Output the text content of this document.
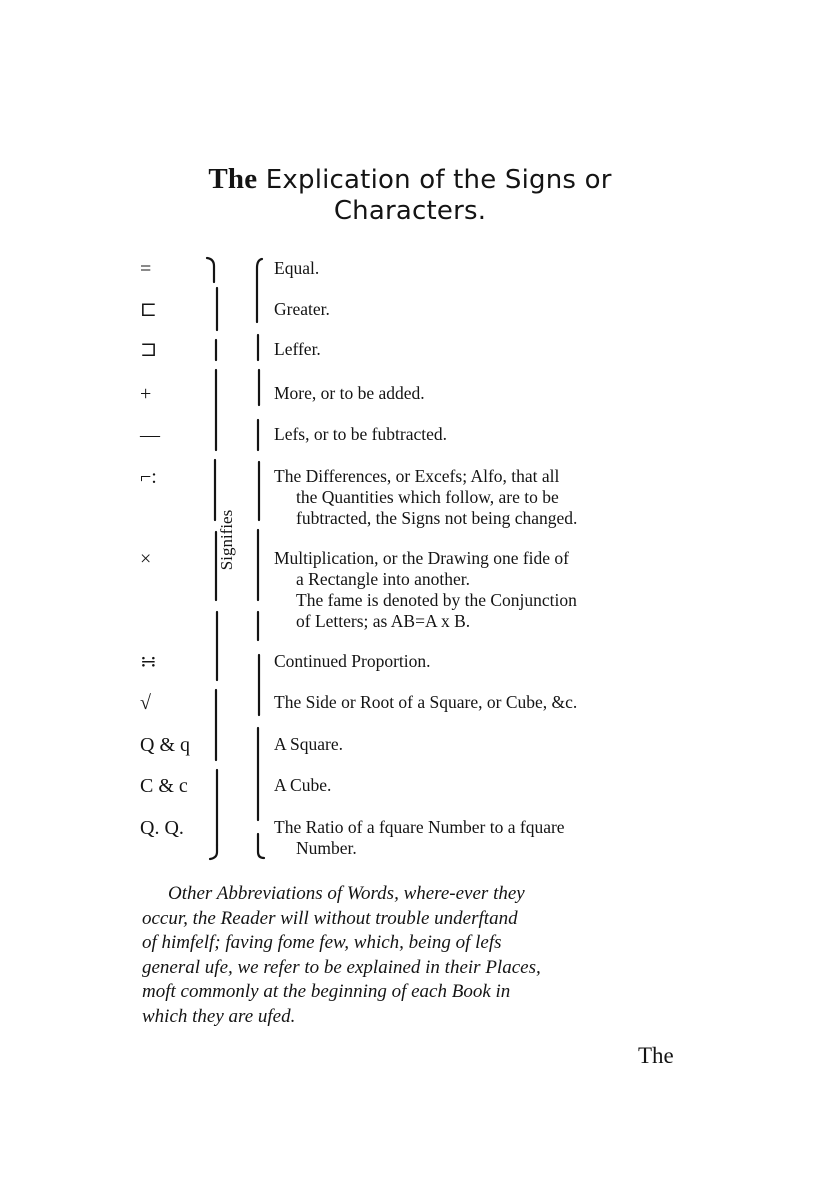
The Explication of the Signs or
Characters.
Signifies
=	Equal.
⊏	Greater.
⊐	Leffer.
+	More, or to be added.
—	Lefs, or to be fubtracted.
⌐:	The Differences, or Excefs; Alfo, that all
the Quantities which follow, are to be
fubtracted, the Signs not being changed.
×	Multiplication, or the Drawing one fide of
a Rectangle into another.
The fame is denoted by the Conjunction
of Letters; as AB=A x B.
∺	Continued Proportion.
√	The Side or Root of a Square, or Cube, &c.
Q & q	A Square.
C & c	A Cube.
Q. Q.	The Ratio of a fquare Number to a fquare
Number.
Other Abbreviations of Words, where-ever they
occur, the Reader will without trouble underftand
of himfelf; faving fome few, which, being of lefs
general ufe, we refer to be explained in their Places,
moft commonly at the beginning of each Book in
which they are ufed.
The
